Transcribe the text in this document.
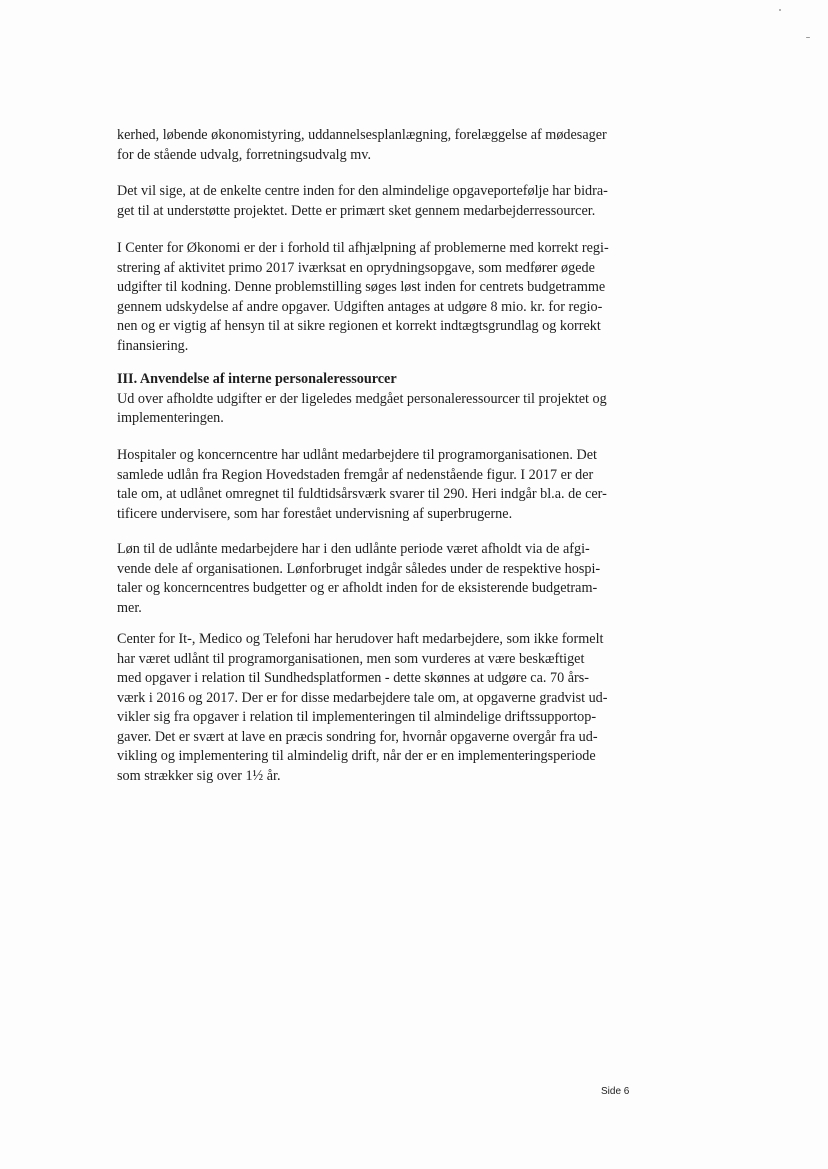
kerhed, løbende økonomistyring, uddannelsesplanlægning, forelæggelse af mødesager
for de stående udvalg, forretningsudvalg mv.
Det vil sige, at de enkelte centre inden for den almindelige opgaveportefølje har bidra-
get til at understøtte projektet. Dette er primært sket gennem medarbejderressourcer.
I Center for Økonomi er der i forhold til afhjælpning af problemerne med korrekt regi-
strering af aktivitet primo 2017 iværksat en oprydningsopgave, som medfører øgede
udgifter til kodning. Denne problemstilling søges løst inden for centrets budgetramme
gennem udskydelse af andre opgaver. Udgiften antages at udgøre 8 mio. kr. for regio-
nen og er vigtig af hensyn til at sikre regionen et korrekt indtægtsgrundlag og korrekt
finansiering.
III. Anvendelse af interne personaleressourcer
Ud over afholdte udgifter er der ligeledes medgået personaleressourcer til projektet og
implementeringen.
Hospitaler og koncerncentre har udlånt medarbejdere til programorganisationen. Det
samlede udlån fra Region Hovedstaden fremgår af nedenstående figur. I 2017 er der
tale om, at udlånet omregnet til fuldtidsårsværk svarer til 290. Heri indgår bl.a. de cer-
tificere undervisere, som har forestået undervisning af superbrugerne.
Løn til de udlånte medarbejdere har i den udlånte periode været afholdt via de afgi-
vende dele af organisationen. Lønforbruget indgår således under de respektive hospi-
taler og koncerncentres budgetter og er afholdt inden for de eksisterende budgetram-
mer.
Center for It-, Medico og Telefoni har herudover haft medarbejdere, som ikke formelt
har været udlånt til programorganisationen, men som vurderes at være beskæftiget
med opgaver i relation til Sundhedsplatformen - dette skønnes at udgøre ca. 70 års-
værk i 2016 og 2017. Der er for disse medarbejdere tale om, at opgaverne gradvist ud-
vikler sig fra opgaver i relation til implementeringen til almindelige driftssupportop-
gaver. Det er svært at lave en præcis sondring for, hvornår opgaverne overgår fra ud-
vikling og implementering til almindelig drift, når der er en implementeringsperiode
som strækker sig over 1½ år.
Side 6
